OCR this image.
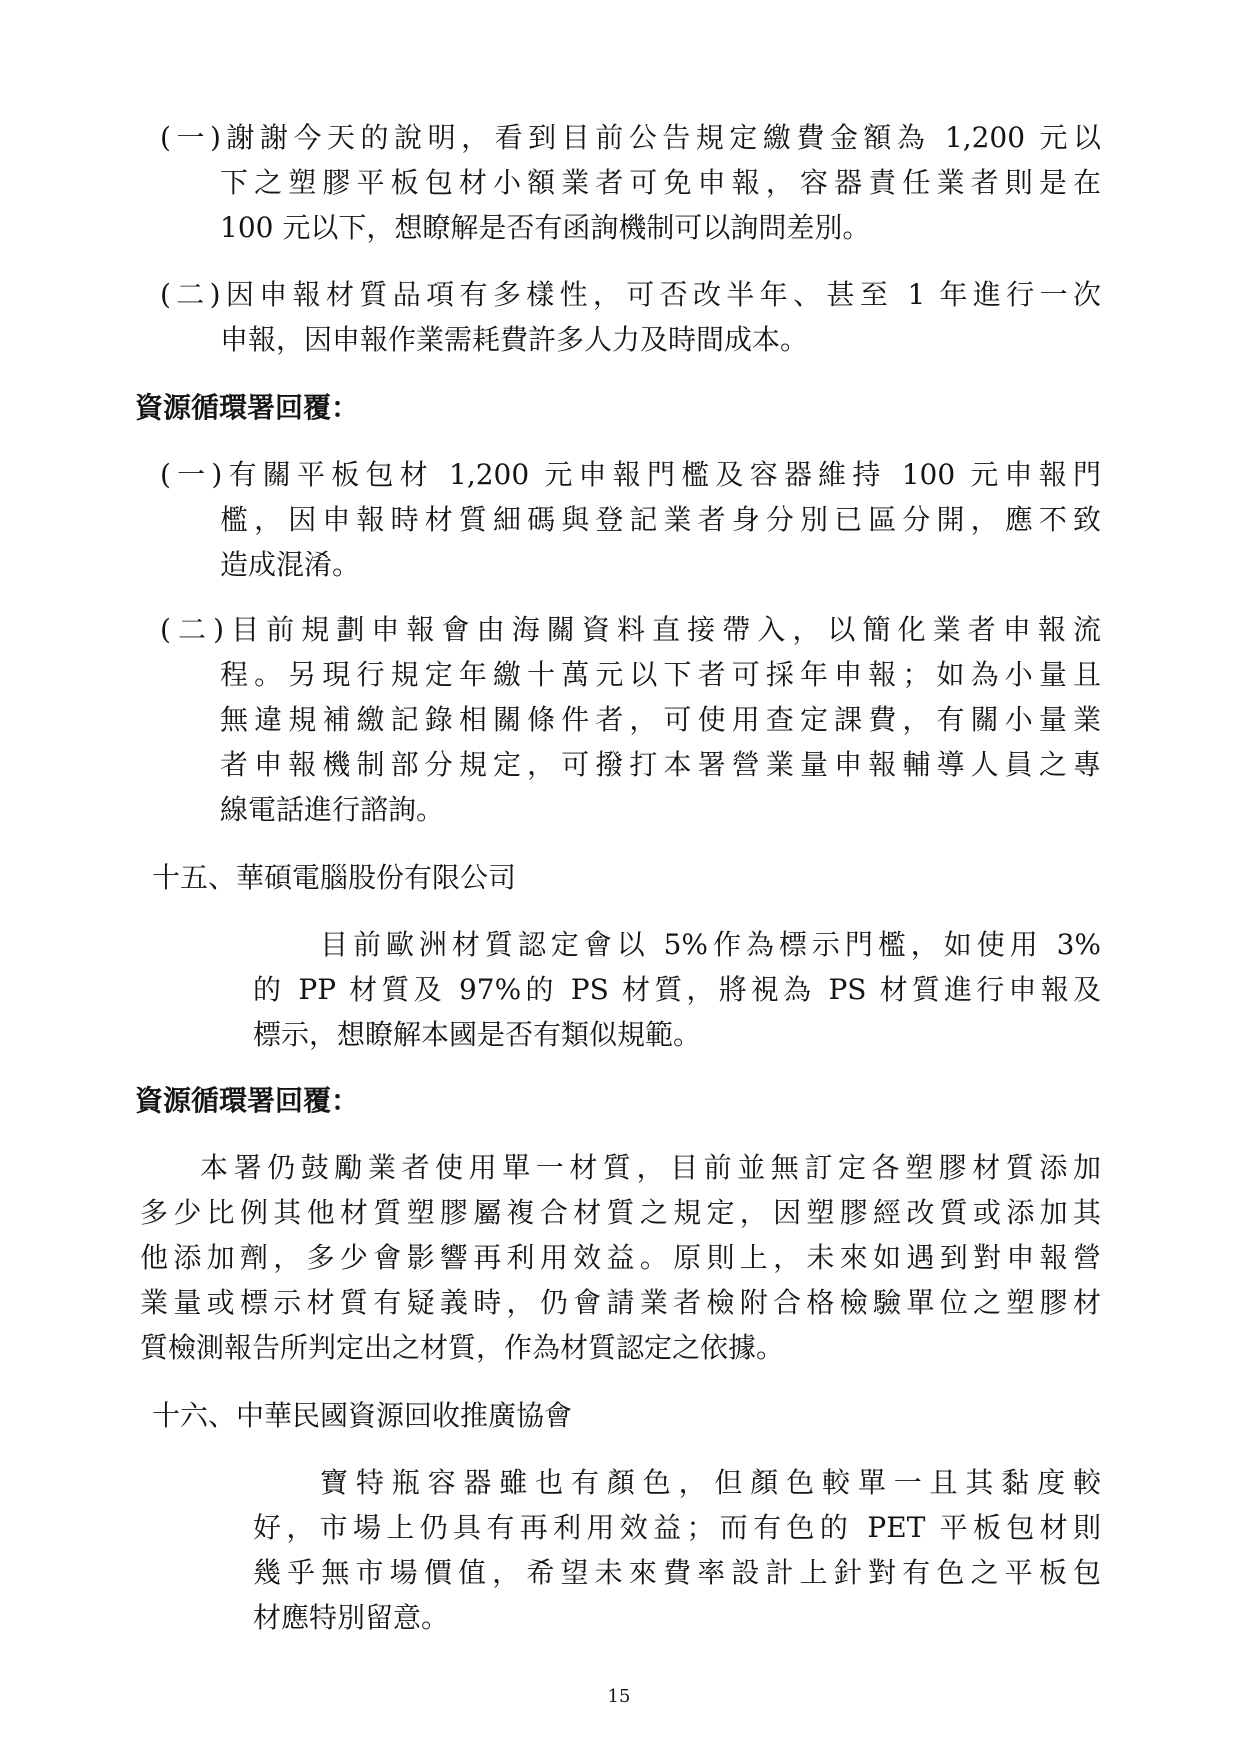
(一)謝謝今天的說明，看到目前公告規定繳費金額為 1,200 元以
下之塑膠平板包材小額業者可免申報，容器責任業者則是在
100 元以下，想瞭解是否有函詢機制可以詢問差別。
(二)因申報材質品項有多樣性，可否改半年、甚至 1 年進行一次
申報，因申報作業需耗費許多人力及時間成本。
資源循環署回覆：
(一)有關平板包材 1,200 元申報門檻及容器維持 100 元申報門
檻，因申報時材質細碼與登記業者身分別已區分開，應不致
造成混淆。
(二)目前規劃申報會由海關資料直接帶入，以簡化業者申報流
程。另現行規定年繳十萬元以下者可採年申報；如為小量且
無違規補繳記錄相關條件者，可使用查定課費，有關小量業
者申報機制部分規定，可撥打本署營業量申報輔導人員之專
線電話進行諮詢。
十五、華碩電腦股份有限公司
目前歐洲材質認定會以 5%作為標示門檻，如使用 3%
的 PP 材質及 97%的 PS 材質，將視為 PS 材質進行申報及
標示，想瞭解本國是否有類似規範。
資源循環署回覆：
本署仍鼓勵業者使用單一材質，目前並無訂定各塑膠材質添加
多少比例其他材質塑膠屬複合材質之規定，因塑膠經改質或添加其
他添加劑，多少會影響再利用效益。原則上，未來如遇到對申報營
業量或標示材質有疑義時，仍會請業者檢附合格檢驗單位之塑膠材
質檢測報告所判定出之材質，作為材質認定之依據。
十六、中華民國資源回收推廣協會
寶特瓶容器雖也有顏色，但顏色較單一且其黏度較
好，市場上仍具有再利用效益；而有色的 PET 平板包材則
幾乎無市場價值，希望未來費率設計上針對有色之平板包
材應特別留意。
15
